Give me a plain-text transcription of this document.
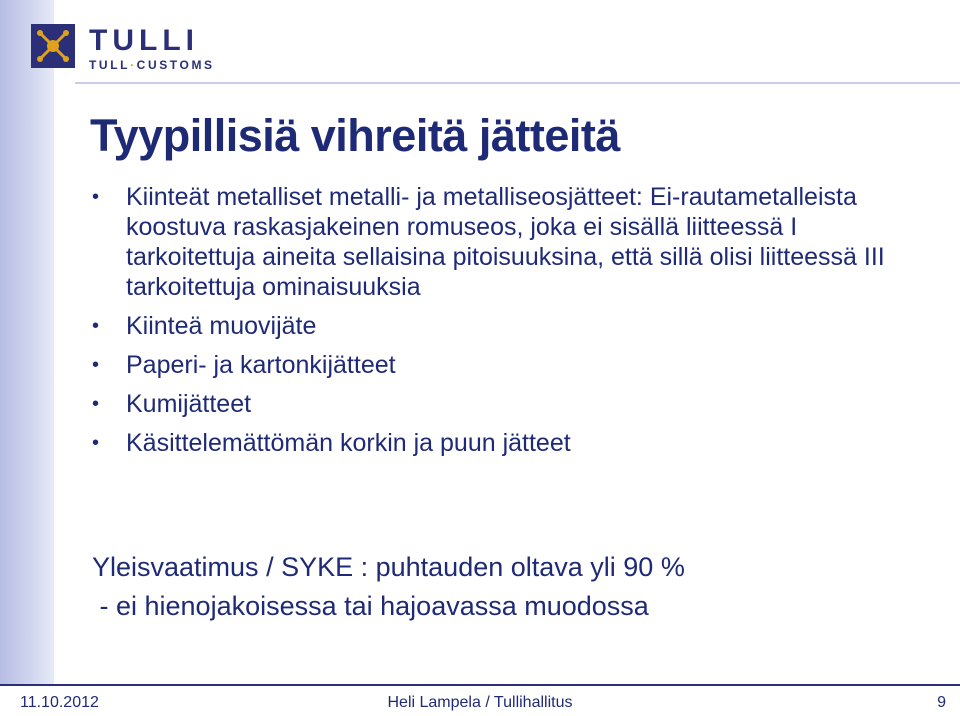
TULLI
TULL·CUSTOMS
Tyypillisiä vihreitä jätteitä
•	Kiinteät metalliset metalli- ja metalliseosjätteet: Ei-rautametalleista koostuva raskasjakeinen romuseos, joka ei sisällä liitteessä I tarkoitettuja aineita sellaisina pitoisuuksina, että sillä olisi liitteessä III tarkoitettuja ominaisuuksia
•	Kiinteä muovijäte
•	Paperi- ja kartonkijätteet
•	Kumijätteet
•	Käsittelemättömän korkin ja puun jätteet
Yleisvaatimus / SYKE : puhtauden oltava yli 90 %
- ei hienojakoisessa tai hajoavassa muodossa
11.10.2012	Heli Lampela / Tullihallitus	9
